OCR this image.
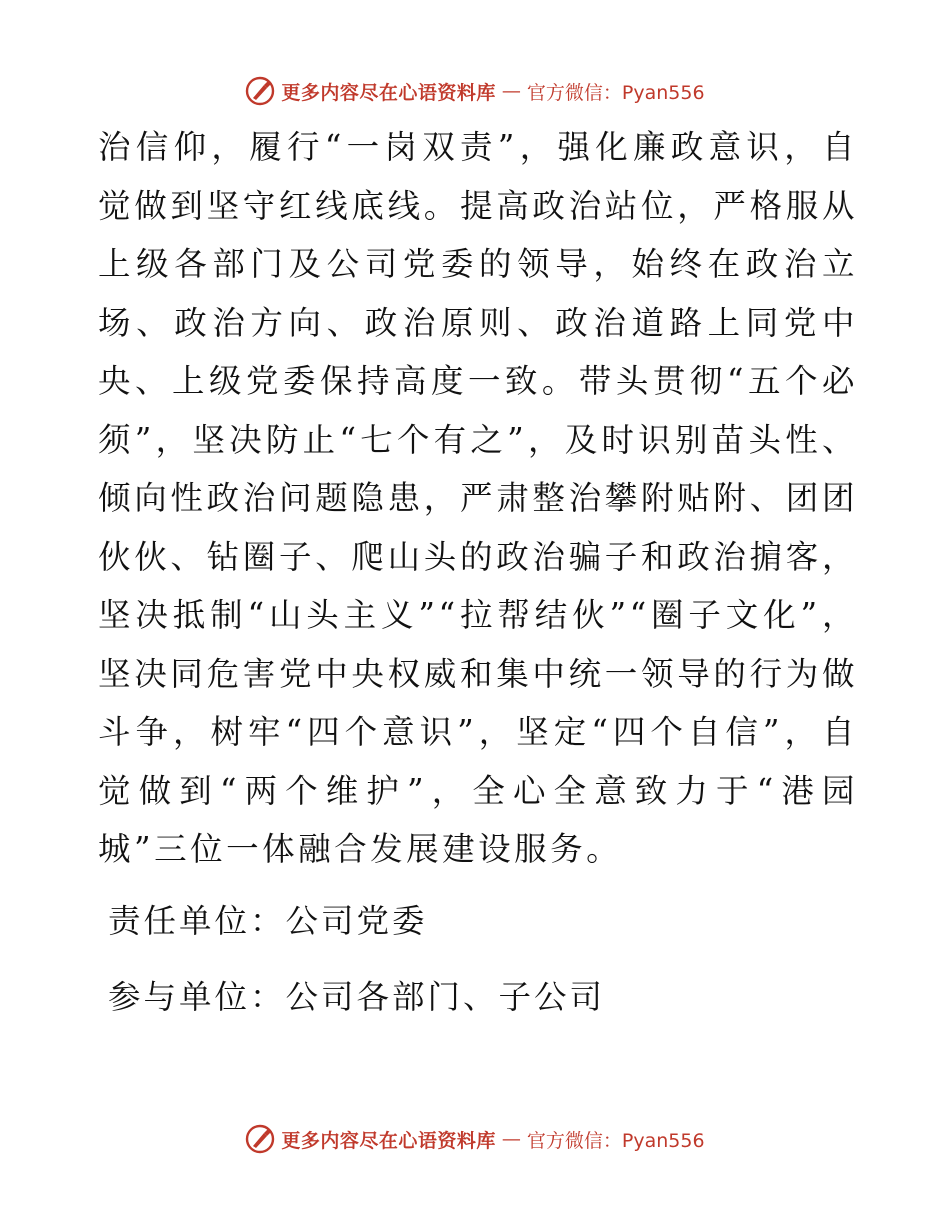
更多内容尽在心语资料库 — 官方微信：Pyan556

治信仰，履行“一岗双责”，强化廉政意识，自觉做到坚守红线底线。提高政治站位，严格服从上级各部门及公司党委的领导，始终在政治立场、政治方向、政治原则、政治道路上同党中央、上级党委保持高度一致。带头贯彻“五个必须”，坚决防止“七个有之”，及时识别苗头性、倾向性政治问题隐患，严肃整治攀附贴附、团团伙伙、钻圈子、爬山头的政治骗子和政治掮客，坚决抵制“山头主义”“拉帮结伙”“圈子文化”，坚决同危害党中央权威和集中统一领导的行为做斗争，树牢“四个意识”，坚定“四个自信”，自觉做到“两个维护”，全心全意致力于“港园城”三位一体融合发展建设服务。

责任单位：公司党委

参与单位：公司各部门、子公司

更多内容尽在心语资料库 — 官方微信：Pyan556
